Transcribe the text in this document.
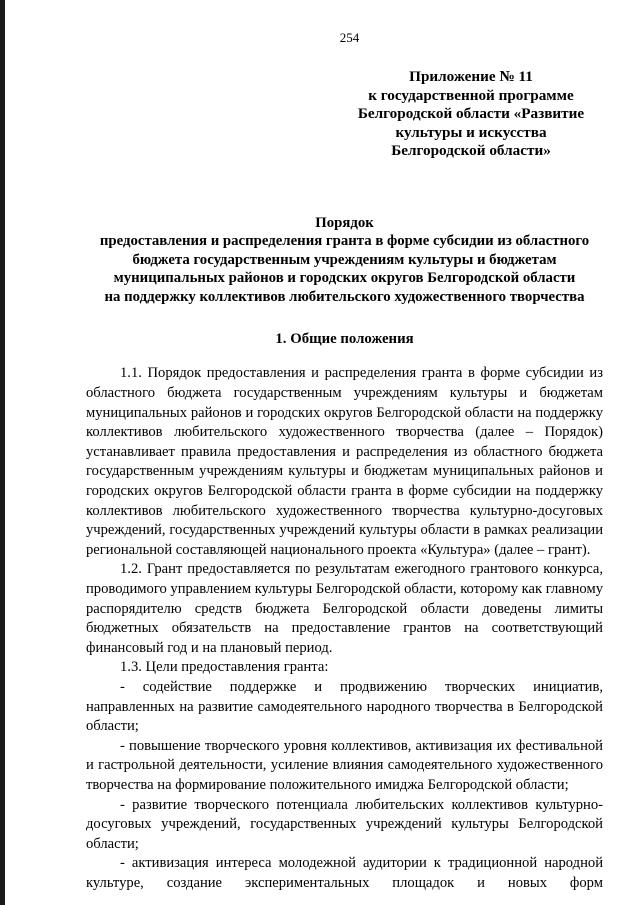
254
Приложение № 11
к государственной программе
Белгородской области «Развитие
культуры и искусства
Белгородской области»
Порядок
предоставления и распределения гранта в форме субсидии из областного
бюджета государственным учреждениям культуры и бюджетам
муниципальных районов и городских округов Белгородской области
на поддержку коллективов любительского художественного творчества
1. Общие положения

1.1. Порядок предоставления и распределения гранта в форме субсидии из областного бюджета государственным учреждениям культуры и бюджетам муниципальных районов и городских округов Белгородской области на поддержку коллективов любительского художественного творчества (далее – Порядок) устанавливает правила предоставления и распределения из областного бюджета государственным учреждениям культуры и бюджетам муниципальных районов и городских округов Белгородской области гранта в форме субсидии на поддержку коллективов любительского художественного творчества культурно-досуговых учреждений, государственных учреждений культуры области в рамках реализации региональной составляющей национального проекта «Культура» (далее – грант).

1.2. Грант предоставляется по результатам ежегодного грантового конкурса, проводимого управлением культуры Белгородской области, которому как главному распорядителю средств бюджета Белгородской области доведены лимиты бюджетных обязательств на предоставление грантов на соответствующий финансовый год и на плановый период.

1.3. Цели предоставления гранта:

- содействие поддержке и продвижению творческих инициатив, направленных на развитие самодеятельного народного творчества в Белгородской области;

- повышение творческого уровня коллективов, активизация их фестивальной и гастрольной деятельности, усиление влияния самодеятельного художественного творчества на формирование положительного имиджа Белгородской области;

- развитие творческого потенциала любительских коллективов культурно-досуговых учреждений, государственных учреждений культуры Белгородской области;

- активизация интереса молодежной аудитории к традиционной народной культуре, создание экспериментальных площадок и новых форм
